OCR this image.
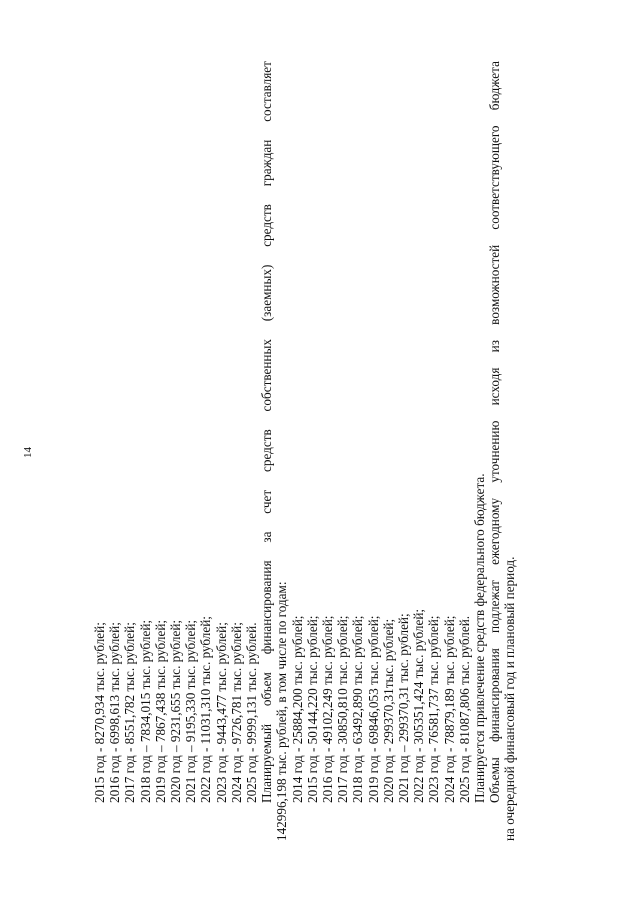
14
2015 год - 8270,934 тыс. рублей; 2016 год - 6998,613 тыс. рублей; 2017 год - 8551,782 тыс. рублей; 2018 год – 7834,015 тыс. рублей; 2019 год – 7867,438 тыс. рублей; 2020 год – 9231,655 тыс. рублей; 2021 год – 9195,330 тыс. рублей; 2022 год - 11031,310 тыс. рублей; 2023 год - 9443,477 тыс. рублей; 2024 год - 9726,781 тыс. рублей; 2025 год - 9999,131 тыс. рублей. Планируемый
объем
финансирования
за
счет
средств
собственных
(заемных)
средств
граждан
составляет
142996,198 тыс. рублей, в том числе по годам: 2014 год - 25884,200 тыс. рублей; 2015 год - 50144,220 тыс. рублей; 2016 год - 49102,249 тыс. рублей; 2017 год - 30850,810 тыс. рублей; 2018 год - 63492,890 тыс. рублей; 2019 год - 69846,053 тыс. рублей; 2020 год - 299370,31тыс. рублей; 2021 год – 299370,31 тыс. рублей; 2022 год - 305351,424 тыс. рублей; 2023 год - 76581,737 тыс. рублей; 2024 год - 78879,189 тыс. рублей; 2025 год - 81087,806 тыс. рублей. Планируется привлечение средств федерального бюджета. Объемы
финансирования
подлежат
ежегодному
уточнению
исходя
из
возможностей
соответствующего
бюджета
на очередной финансовый год и плановый период.
